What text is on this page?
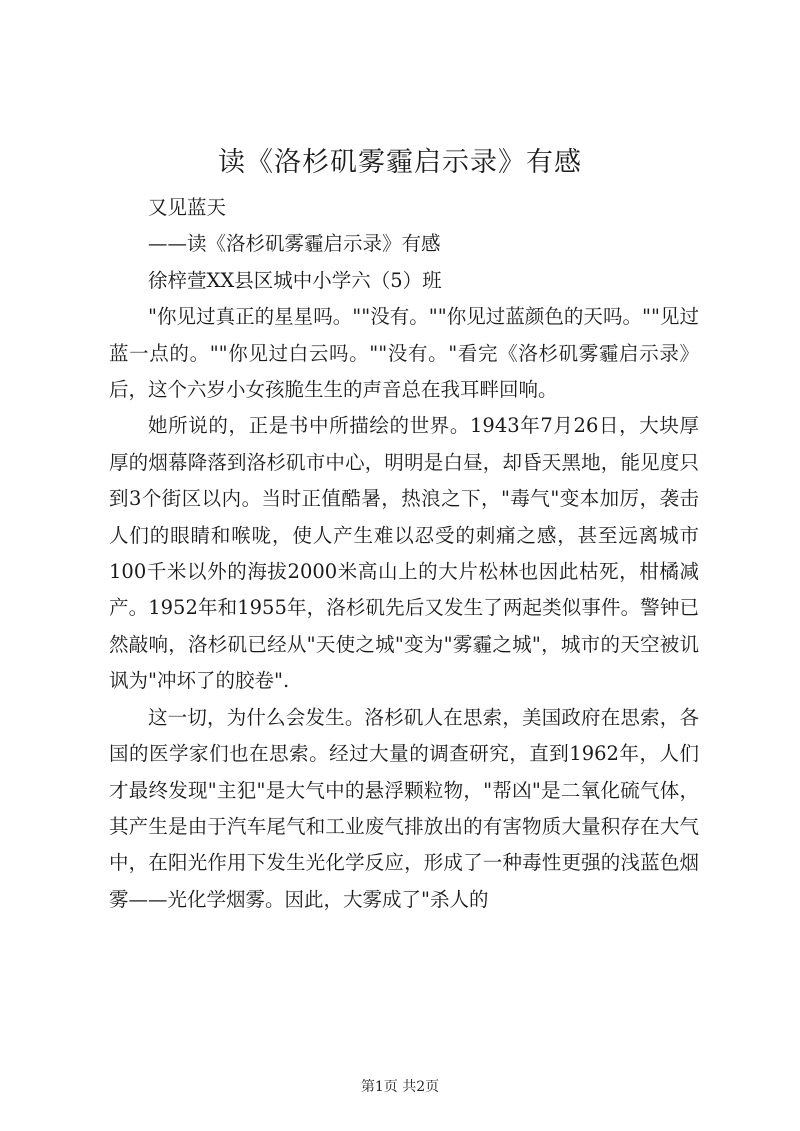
读《洛杉矶雾霾启示录》有感

又见蓝天

——读《洛杉矶雾霾启示录》有感

徐梓萱XX县区城中小学六（5）班

"你见过真正的星星吗。""没有。""你见过蓝颜色的天吗。""见过蓝一点的。""你见过白云吗。""没有。"看完《洛杉矶雾霾启示录》后，这个六岁小女孩脆生生的声音总在我耳畔回响。

她所说的，正是书中所描绘的世界。1943年7月26日，大块厚厚的烟幕降落到洛杉矶市中心，明明是白昼，却昏天黑地，能见度只到3个街区以内。当时正值酷暑，热浪之下，"毒气"变本加厉，袭击人们的眼睛和喉咙，使人产生难以忍受的刺痛之感，甚至远离城市100千米以外的海拔2000米高山上的大片松林也因此枯死，柑橘减产。1952年和1955年，洛杉矶先后又发生了两起类似事件。警钟已然敲响，洛杉矶已经从"天使之城"变为"雾霾之城"，城市的天空被讥讽为"冲坏了的胶卷".

这一切，为什么会发生。洛杉矶人在思索，美国政府在思索，各国的医学家们也在思索。经过大量的调查研究，直到1962年，人们才最终发现"主犯"是大气中的悬浮颗粒物，"帮凶"是二氧化硫气体，其产生是由于汽车尾气和工业废气排放出的有害物质大量积存在大气中，在阳光作用下发生光化学反应，形成了一种毒性更强的浅蓝色烟雾——光化学烟雾。因此，大雾成了"杀人的

第1页 共2页
